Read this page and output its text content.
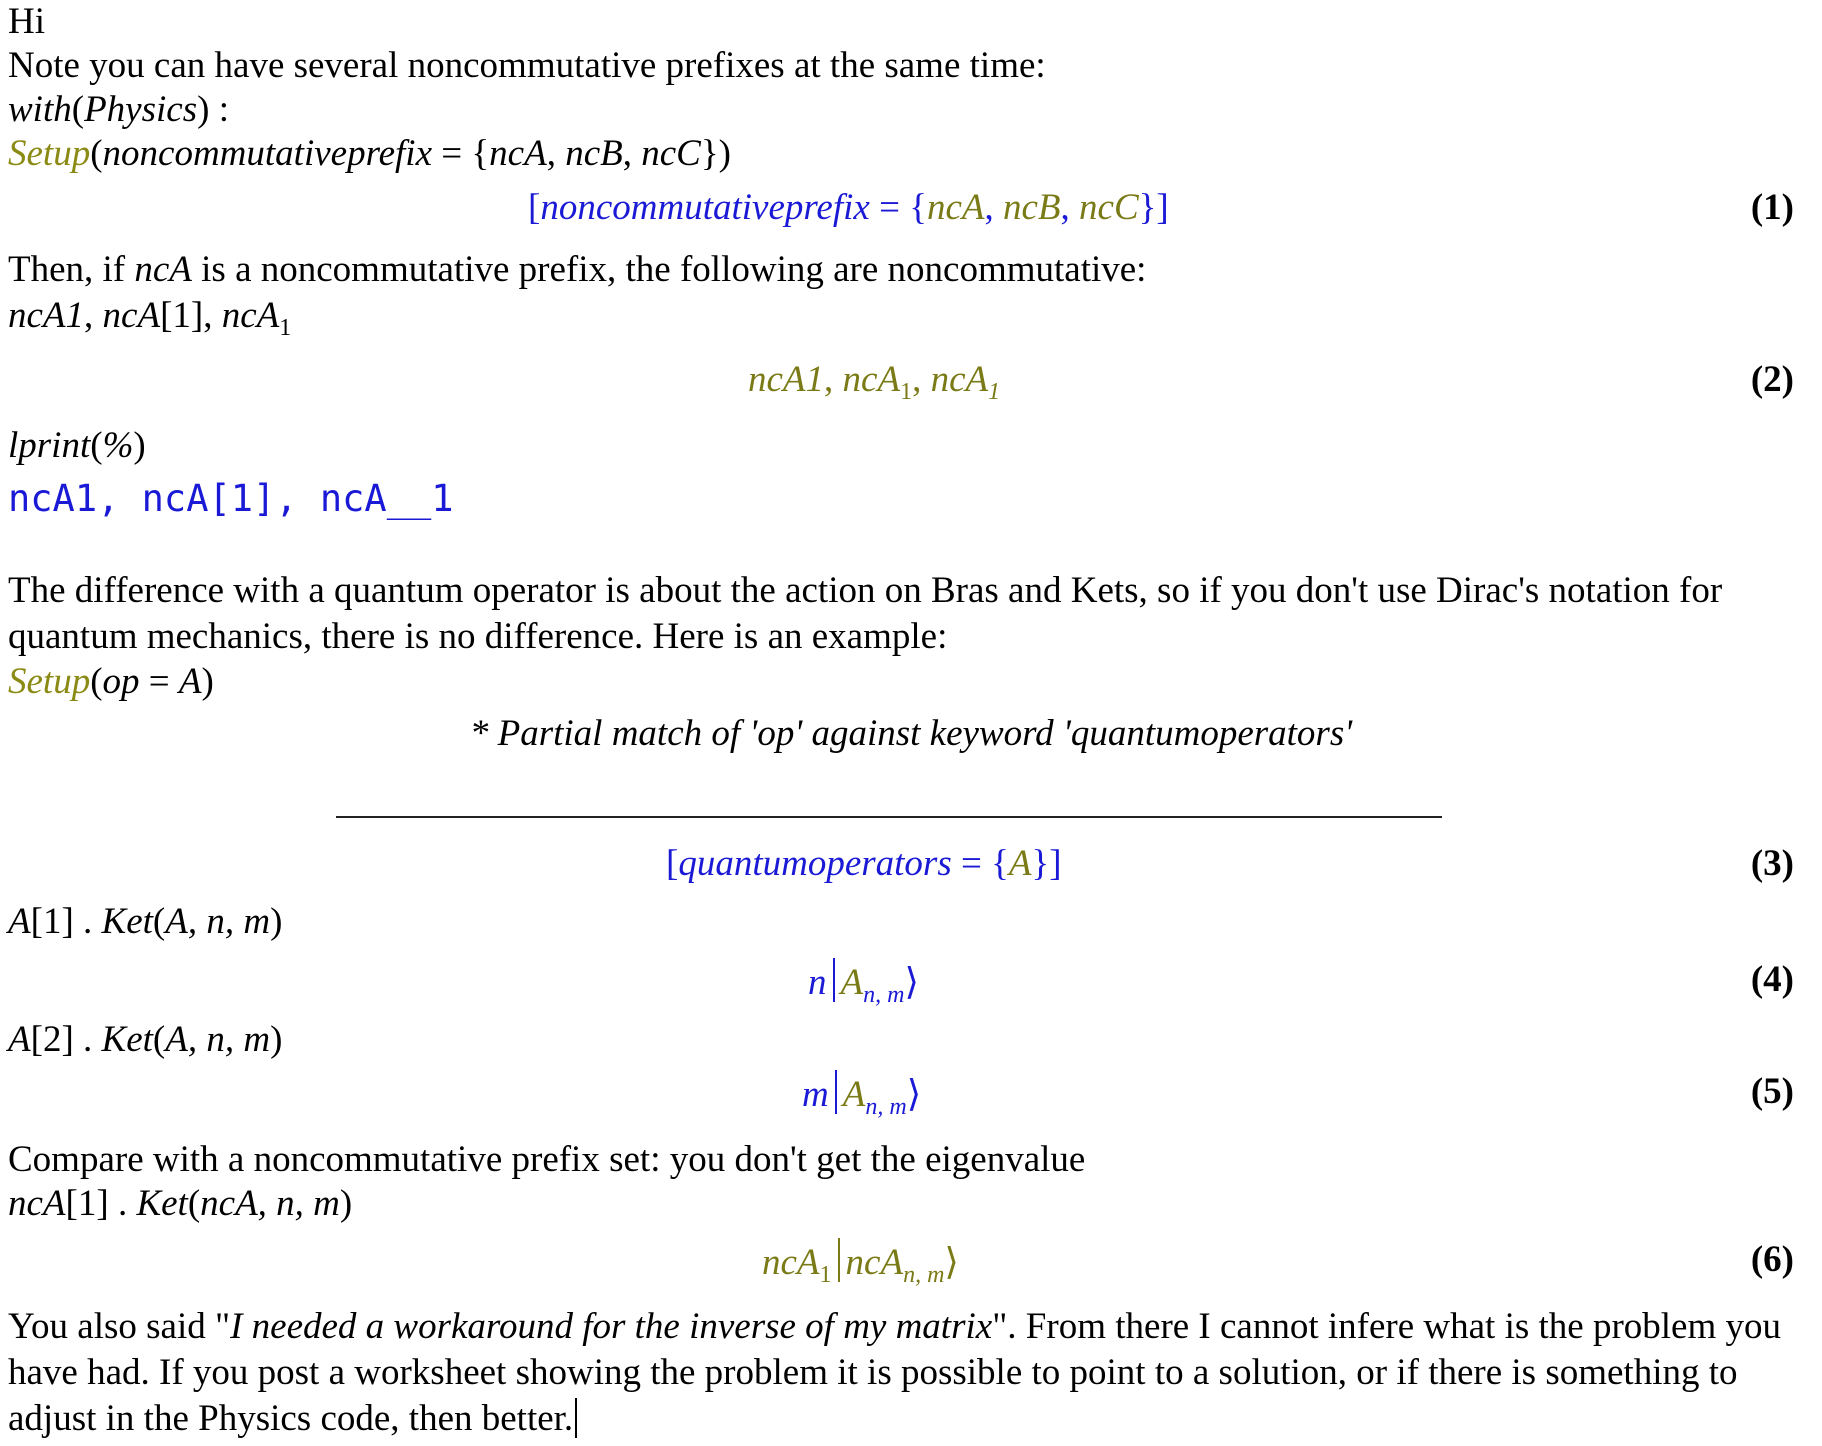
Hi
Note you can have several noncommutative prefixes at the same time:
with(Physics) :
Setup(noncommutativeprefix = {ncA, ncB, ncC})
[noncommutativeprefix = {ncA, ncB, ncC}]	(1)
Then, if ncA is a noncommutative prefix, the following are noncommutative:
ncA1, ncA[1], ncA$_1$
ncA1, ncA$_1$, ncA$_1$	(2)
lprint(%)
ncA1, ncA[1], ncA__1
The difference with a quantum operator is about the action on Bras and Kets, so if you don't use Dirac's notation for quantum mechanics, there is no difference. Here is an example:
Setup(op = A)
* Partial match of 'op' against keyword 'quantumoperators'
[quantumoperators = {A}]	(3)
A[1] . Ket(A, n, m)
n $A_{n, m}⟩$	(4)
A[2] . Ket(A, n, m)
m $A_{n, m}⟩$	(5)
Compare with a noncommutative prefix set: you don't get the eigenvalue
ncA[1] . Ket(ncA, n, m)
ncA$_1$ ncA$_{n, m}$⟩	(6)
You also said "I needed a workaround for the inverse of my matrix". From there I cannot infere what is the problem you have had. If you post a worksheet showing the problem it is possible to point to a solution, or if there is something to adjust in the Physics code, then better.
